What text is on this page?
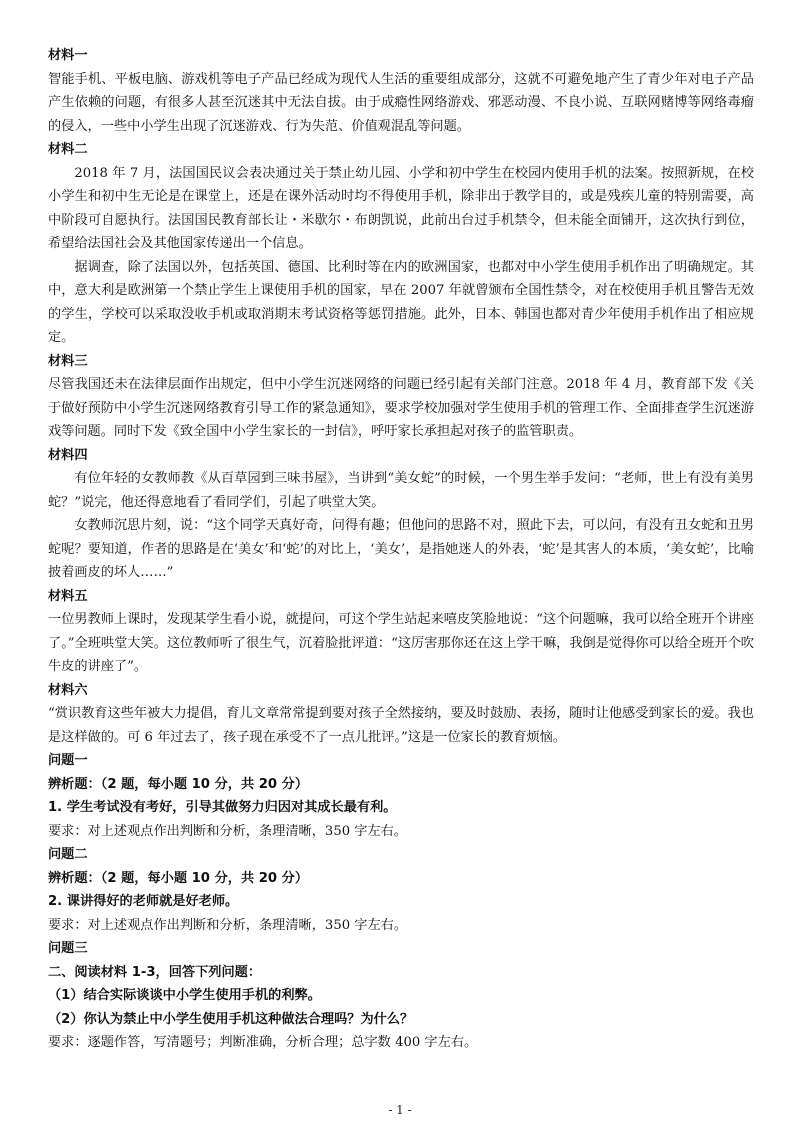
材料一

智能手机、平板电脑、游戏机等电子产品已经成为现代人生活的重要组成部分，这就不可避免地产生了青少年对电子产品产生依赖的问题，有很多人甚至沉迷其中无法自拔。由于成瘾性网络游戏、邪恶动漫、不良小说、互联网赌博等网络毒瘤的侵入，一些中小学生出现了沉迷游戏、行为失范、价值观混乱等问题。

材料二

2018 年 7 月，法国国民议会表决通过关于禁止幼儿园、小学和初中学生在校园内使用手机的法案。按照新规，在校小学生和初中生无论是在课堂上，还是在课外活动时均不得使用手机，除非出于教学目的，或是残疾儿童的特别需要，高中阶段可自愿执行。法国国民教育部长让・米歇尔・布朗凯说，此前出台过手机禁令，但未能全面铺开，这次执行到位，希望给法国社会及其他国家传递出一个信息。

据调查，除了法国以外，包括英国、德国、比利时等在内的欧洲国家，也都对中小学生使用手机作出了明确规定。其中，意大利是欧洲第一个禁止学生上课使用手机的国家，早在 2007 年就曾颁布全国性禁令，对在校使用手机且警告无效的学生，学校可以采取没收手机或取消期末考试资格等惩罚措施。此外，日本、韩国也都对青少年使用手机作出了相应规定。

材料三

尽管我国还未在法律层面作出规定，但中小学生沉迷网络的问题已经引起有关部门注意。2018 年 4 月，教育部下发《关于做好预防中小学生沉迷网络教育引导工作的紧急通知》，要求学校加强对学生使用手机的管理工作、全面排查学生沉迷游戏等问题。同时下发《致全国中小学生家长的一封信》，呼吁家长承担起对孩子的监管职责。

材料四

有位年轻的女教师教《从百草园到三味书屋》，当讲到“美女蛇”的时候，一个男生举手发问：“老师，世上有没有美男蛇？”说完，他还得意地看了看同学们，引起了哄堂大笑。

女教师沉思片刻，说：“这个同学天真好奇，问得有趣；但他问的思路不对，照此下去，可以问，有没有丑女蛇和丑男蛇呢？要知道，作者的思路是在‘美女’和‘蛇’的对比上，‘美女’，是指她迷人的外表，‘蛇’是其害人的本质，‘美女蛇’，比喻披着画皮的坏人……”

材料五

一位男教师上课时，发现某学生看小说，就提问，可这个学生站起来嘻皮笑脸地说：“这个问题嘛，我可以给全班开个讲座了。”全班哄堂大笑。这位教师听了很生气，沉着脸批评道：“这厉害那你还在这上学干嘛，我倒是觉得你可以给全班开个吹牛皮的讲座了”。

材料六

“赏识教育这些年被大力提倡，育儿文章常常提到要对孩子全然接纳，要及时鼓励、表扬，随时让他感受到家长的爱。我也是这样做的。可 6 年过去了，孩子现在承受不了一点儿批评。”这是一位家长的教育烦恼。

问题一

辨析题：（2 题，每小题 10 分，共 20 分）

1. 学生考试没有考好，引导其做努力归因对其成长最有利。

要求：对上述观点作出判断和分析，条理清晰，350 字左右。

问题二

辨析题：（2 题，每小题 10 分，共 20 分）

2. 课讲得好的老师就是好老师。

要求：对上述观点作出判断和分析，条理清晰，350 字左右。

问题三

二、阅读材料 1-3，回答下列问题：

（1）结合实际谈谈中小学生使用手机的利弊。

（2）你认为禁止中小学生使用手机这种做法合理吗？为什么？

要求：逐题作答，写清题号；判断准确，分析合理；总字数 400 字左右。

- 1 -
